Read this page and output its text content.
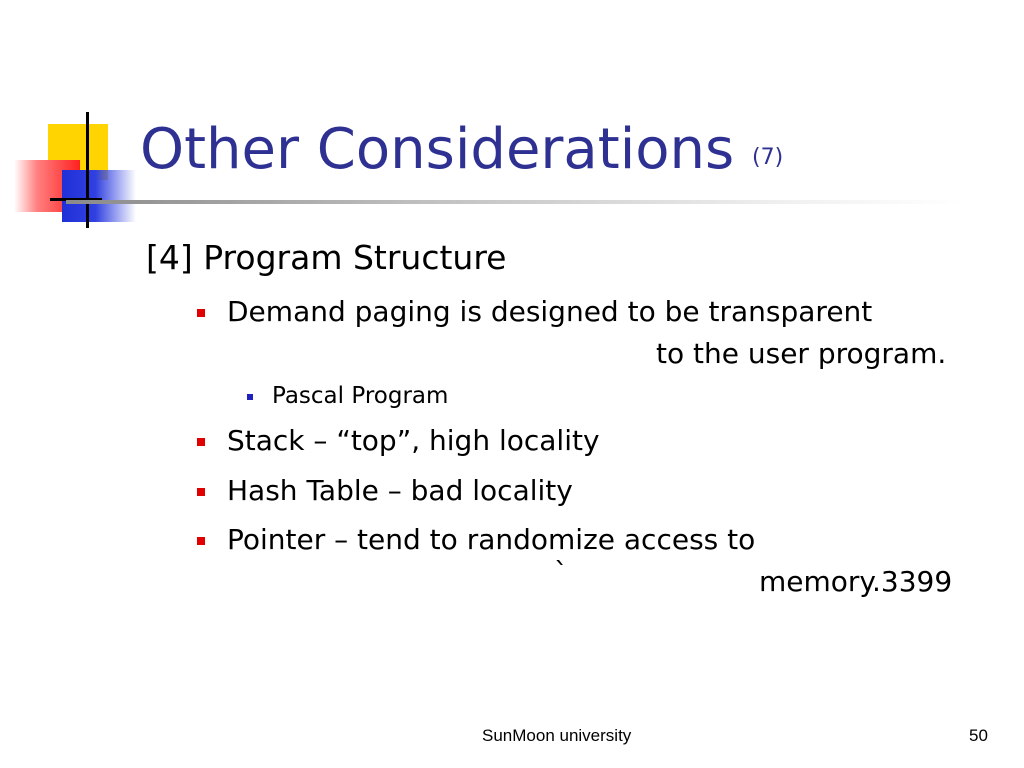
Other Considerations (7)
[4] Program Structure
Demand paging is designed to be transparent
to the user program.
Pascal Program
Stack – “top”, high locality
Hash Table – bad locality
Pointer – tend to randomize access to
`	memory.3399
SunMoon university	50
